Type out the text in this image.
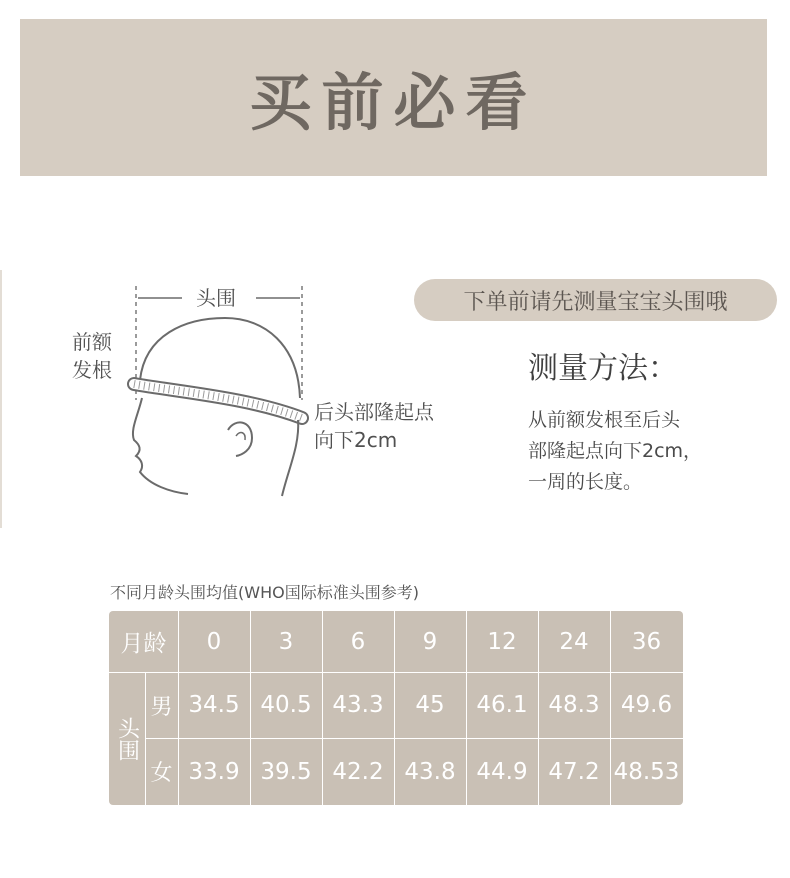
买前必看
头围
前额
发根
后头部隆起点
向下2cm
下单前请先测量宝宝头围哦
测量方法：
从前额发根至后头
部隆起点向下2cm，
一周的长度。
不同月龄头围均值(WHO国际标准头围参考)
月龄	0	3	6	9	12	24	36
头围
男 34.5 40.5 43.3	45	46.1 48.3 49.6
女 33.9 39.5 42.2 43.8 44.9 47.2 48.53
